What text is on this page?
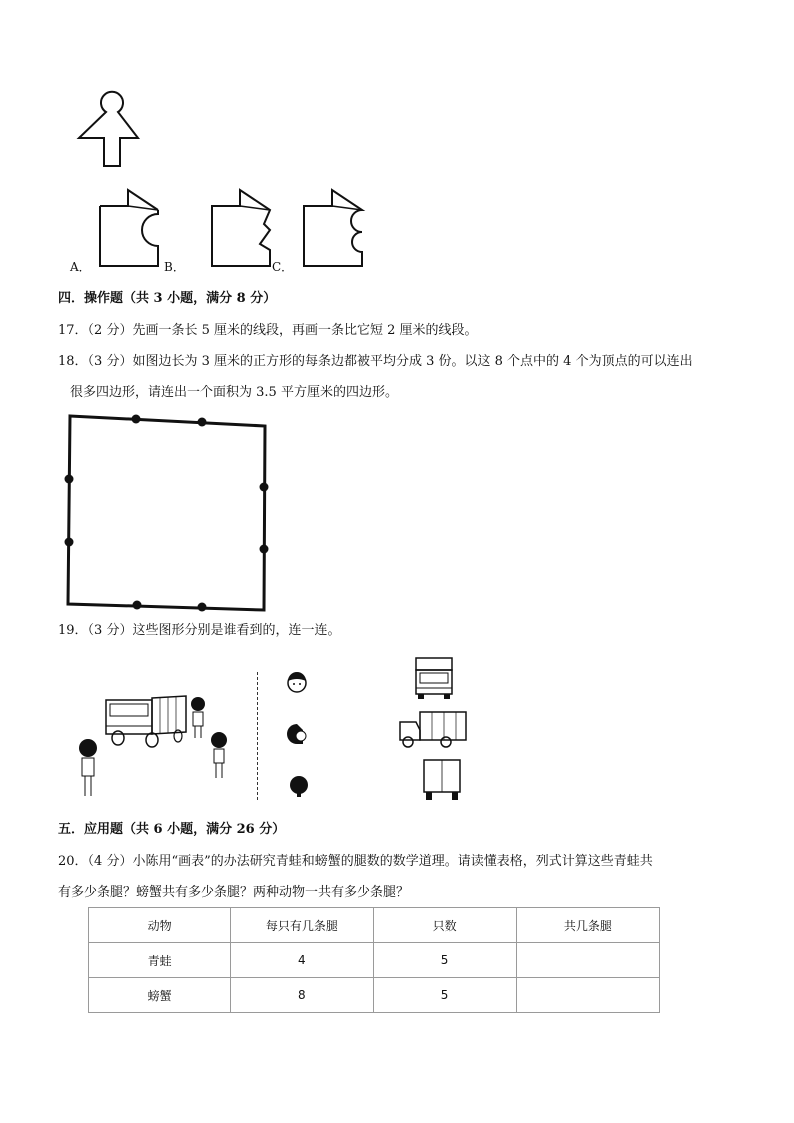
A．	B．	C．
四．操作题（共 3 小题，满分 8 分）
17．（2 分）先画一条长 5 厘米的线段，再画一条比它短 2 厘米的线段。
18．（3 分）如图边长为 3 厘米的正方形的每条边都被平均分成 3 份。以这 8 个点中的 4 个为顶点的可以连出
很多四边形，请连出一个面积为 3.5 平方厘米的四边形。
19．（3 分）这些图形分别是谁看到的，连一连。
五．应用题（共 6 小题，满分 26 分）
20．（4 分）小陈用“画表”的办法研究青蛙和螃蟹的腿数的数学道理。请读懂表格，列式计算这些青蛙共
有多少条腿？螃蟹共有多少条腿？两种动物一共有多少条腿？
动物	每只有几条腿	只数	共几条腿
青蛙	4	5	
螃蟹	8	5	
